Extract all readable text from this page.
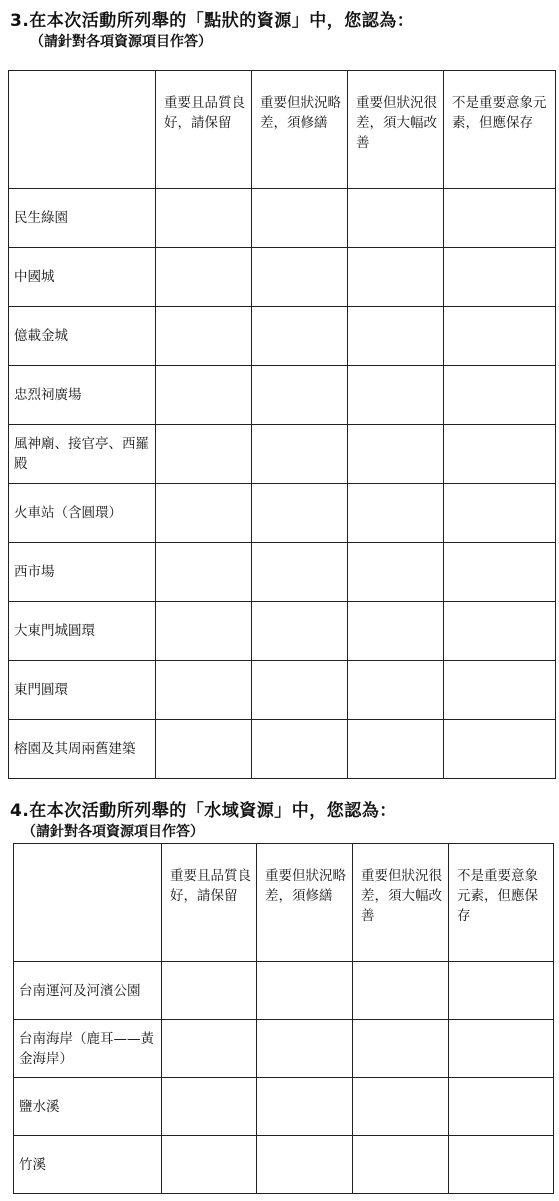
3.在本次活動所列舉的「點狀的資源」中，您認為：
（請針對各項資源項目作答）
	重要且品質良好，請保留	重要但狀況略差，須修繕	重要但狀況很差，須大幅改善	不是重要意象元素，但應保存
民生綠園				
中國城				
億載金城				
忠烈祠廣場				
風神廟、接官亭、西羅殿				
火車站（含圓環）				
西市場				
大東門城圓環				
東門圓環				
榕園及其周兩舊建築				
4.在本次活動所列舉的「水域資源」中，您認為：
（請針對各項資源項目作答）
	重要且品質良好，請保留	重要但狀況略差，須修繕	重要但狀況很差，須大幅改善	不是重要意象元素，但應保存
台南運河及河濱公園				
台南海岸（鹿耳——黃金海岸）				
鹽水溪				
竹溪				
